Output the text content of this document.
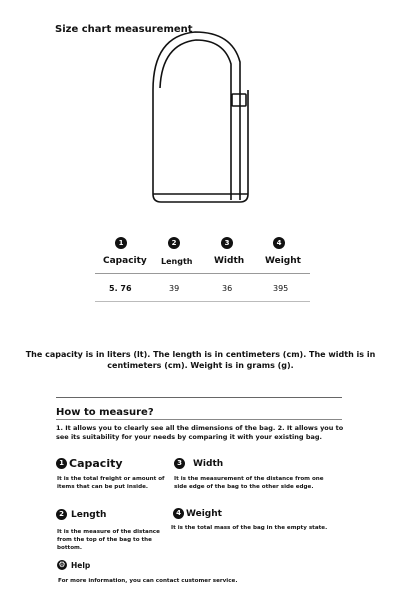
Size chart measurement
1	2	3	4
Capacity Length Width Weight
5. 76	39	36	395
The capacity is in liters (lt). The length is in centimeters (cm). The width is in centimeters (cm). Weight is in grams (g).
How to measure?
1. It allows you to clearly see all the dimensions of the bag. 2. It allows you to see its suitability for your needs by comparing it with your existing bag.
1 Capacity
It is the total freight or amount of items that can be put inside.
3	Width
It is the measurement of the distance from one side edge of the bag to the other side edge.
2 Length
It is the measure of the distance from the top of the bag to the bottom.
4 Weight
It is the total mass of the bag in the empty state.
⚙ Help
For more information, you can contact customer service.
